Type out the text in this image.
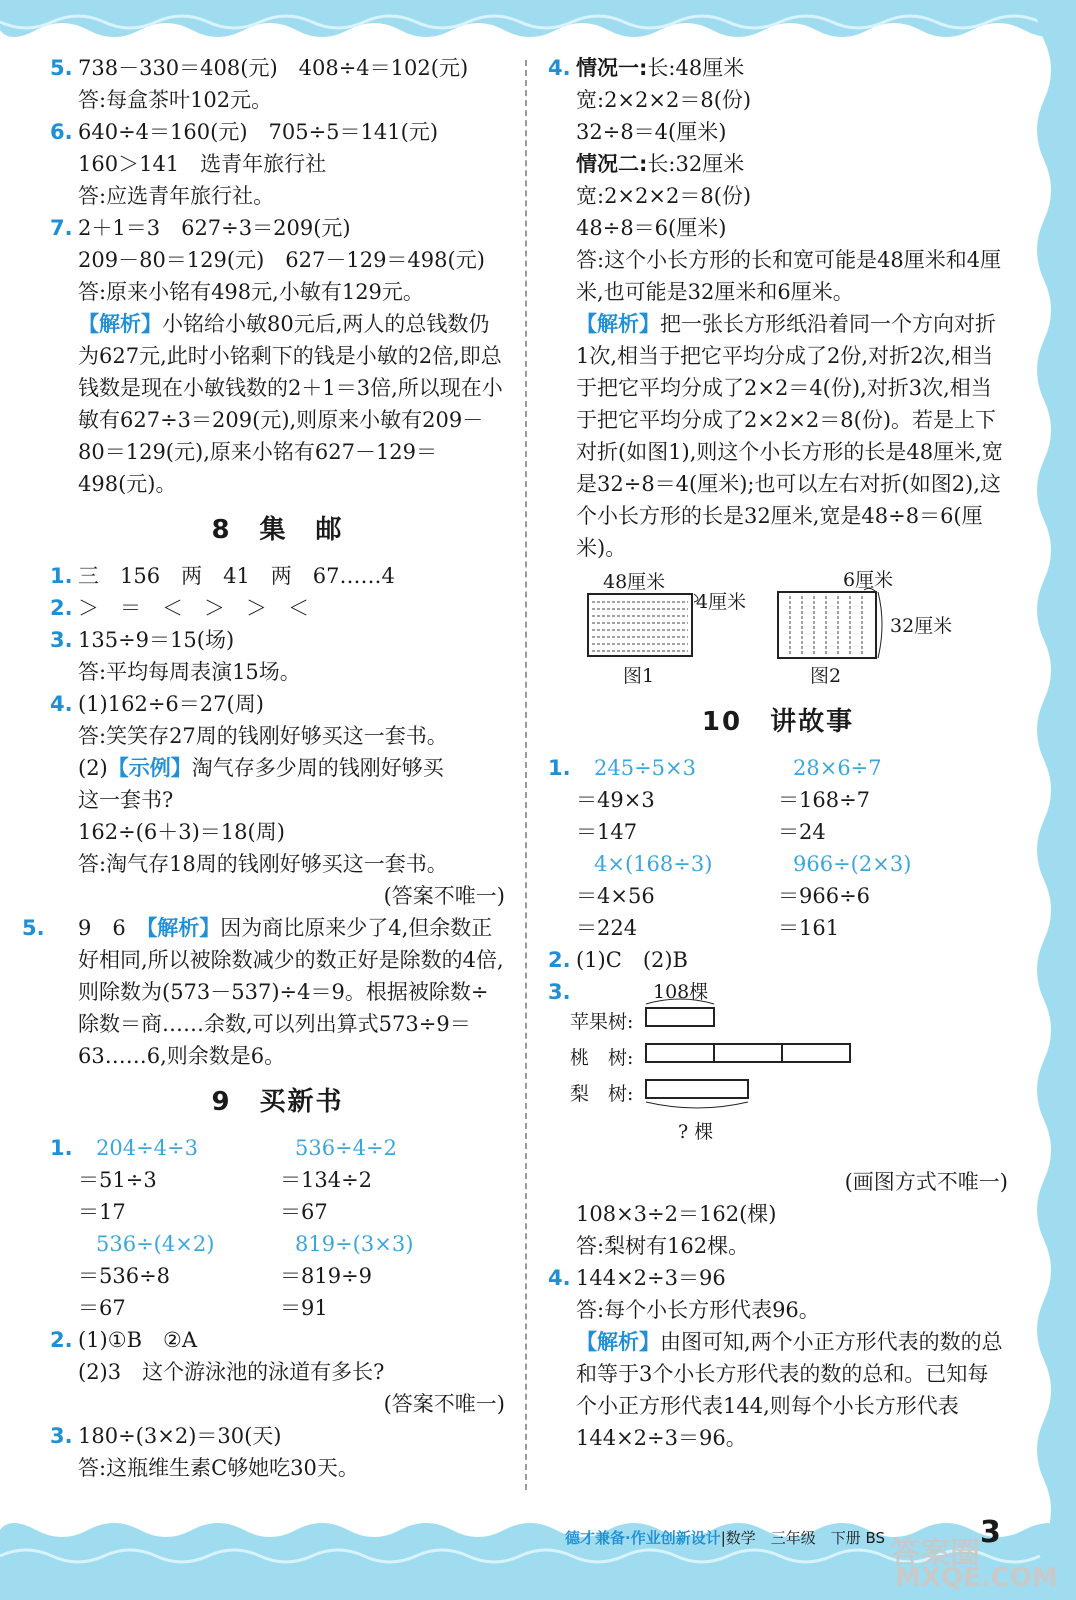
5. 738－330＝408(元)　408÷4＝102(元)
答:每盒茶叶102元。
6. 640÷4＝160(元)　705÷5＝141(元)
160＞141　选青年旅行社
答:应选青年旅行社。
7. 2＋1＝3　627÷3＝209(元)
209－80＝129(元)　627－129＝498(元)
答:原来小铭有498元,小敏有129元。
【解析】小铭给小敏80元后,两人的总钱数仍为627元,此时小铭剩下的钱是小敏的2倍,即总钱数是现在小敏钱数的2＋1＝3倍,所以现在小敏有627÷3＝209(元),则原来小敏有209－80＝129(元),原来小铭有627－129＝498(元)。
8　集　邮
1. 三　156　两　41　两　67……4
2. ＞　＝　＜　＞　＞　＜
3. 135÷9＝15(场)
答:平均每周表演15场。
4. (1)162÷6＝27(周)
答:笑笑存27周的钱刚好够买这一套书。
(2)【示例】淘气存多少周的钱刚好够买
这一套书?
162÷(6＋3)＝18(周)
答:淘气存18周的钱刚好够买这一套书。
(答案不唯一)
5. 9　6　【解析】因为商比原来少了4,但余数正好相同,所以被除数减少的数正好是除数的4倍,则除数为(573－537)÷4＝9。根据被除数÷除数＝商……余数,可以列出算式573÷9＝63……6,则余数是6。
9　买新书
1. 204÷4÷3	536÷4÷2
＝51÷3	＝134÷2
＝17	＝67
536÷(4×2)	819÷(3×3)
＝536÷8	＝819÷9
＝67	＝91
2. (1)①B　②A
(2)3　这个游泳池的泳道有多长?
(答案不唯一)
3. 180÷(3×2)＝30(天)
答:这瓶维生素C够她吃30天。
4. 情况一:长:48厘米
宽:2×2×2＝8(份)
32÷8＝4(厘米)
情况二:长:32厘米
宽:2×2×2＝8(份)
48÷8＝6(厘米)
答:这个小长方形的长和宽可能是48厘米和4厘米,也可能是32厘米和6厘米。
【解析】把一张长方形纸沿着同一个方向对折1次,相当于把它平均分成了2份,对折2次,相当于把它平均分成了2×2＝4(份),对折3次,相当于把它平均分成了2×2×2＝8(份)。若是上下对折(如图1),则这个小长方形的长是48厘米,宽是32÷8＝4(厘米);也可以左右对折(如图2),这个小长方形的长是32厘米,宽是48÷8＝6(厘米)。
48厘米
4厘米
图1
6厘米
32厘米
图2
10　讲故事
1. 245÷5×3	28×6÷7
＝49×3	＝168÷7
＝147	＝24
4×(168÷3)	966÷(2×3)
＝4×56	＝966÷6
＝224	＝161
2. (1)C　(2)B
3.	108棵
苹果树:
桃　树:
梨　树:
? 棵
(画图方式不唯一)
108×3÷2＝162(棵)
答:梨树有162棵。
4. 144×2÷3＝96
答:每个小长方形代表96。
【解析】由图可知,两个小正方形代表的数的总和等于3个小长方形代表的数的总和。已知每个小正方形代表144,则每个小长方形代表144×2÷3＝96。
德才兼备·作业创新设计|数学　三年级　下册 BS 答案圈
MXQE.COM
3
